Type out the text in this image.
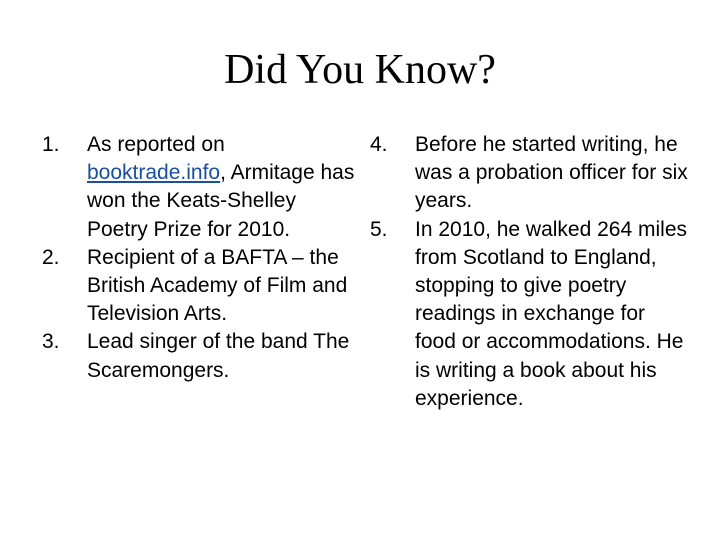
Did You Know?
1.	As reported on booktrade.info, Armitage has won the Keats-Shelley Poetry Prize for 2010.
2.	Recipient of a BAFTA – the British Academy of Film and Television Arts.
3.	Lead singer of the band The Scaremongers.
4.	Before he started writing, he was a probation officer for six years.
5.	In 2010, he walked 264 miles from Scotland to England, stopping to give poetry readings in exchange for food or accommodations. He is writing a book about his experience.
